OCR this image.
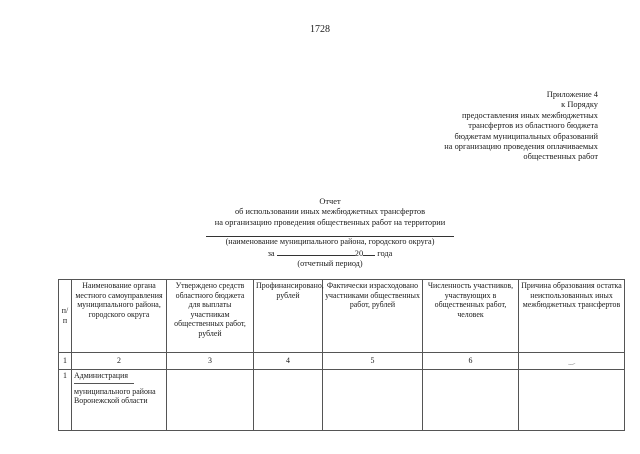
1728
Приложение 4
к Порядку
предоставления иных межбюджетных
трансфертов из областного бюджета
бюджетам муниципальных образований
на организацию проведения оплачиваемых
общественных работ
Отчет
об использовании иных межбюджетных трансфертов
на организацию проведения общественных работ на территории
(наименование муниципального района, городского округа)
за	20 года
(отчетный период)
п/п	Наименование органа местного самоуправления муниципального района, городского округа	Утверждено средств областного бюджета для выплаты участникам общественных работ, рублей	Профинансировано, рублей	Фактически израсходовано участниками общественных работ, рублей	Численность участников, участвующих в общественных работ, человек	Причина образования остатка неиспользованных иных межбюджетных трансфертов
1	2	3	4	5	6	‿
1	Администрация
муниципального района Воронежской области					
